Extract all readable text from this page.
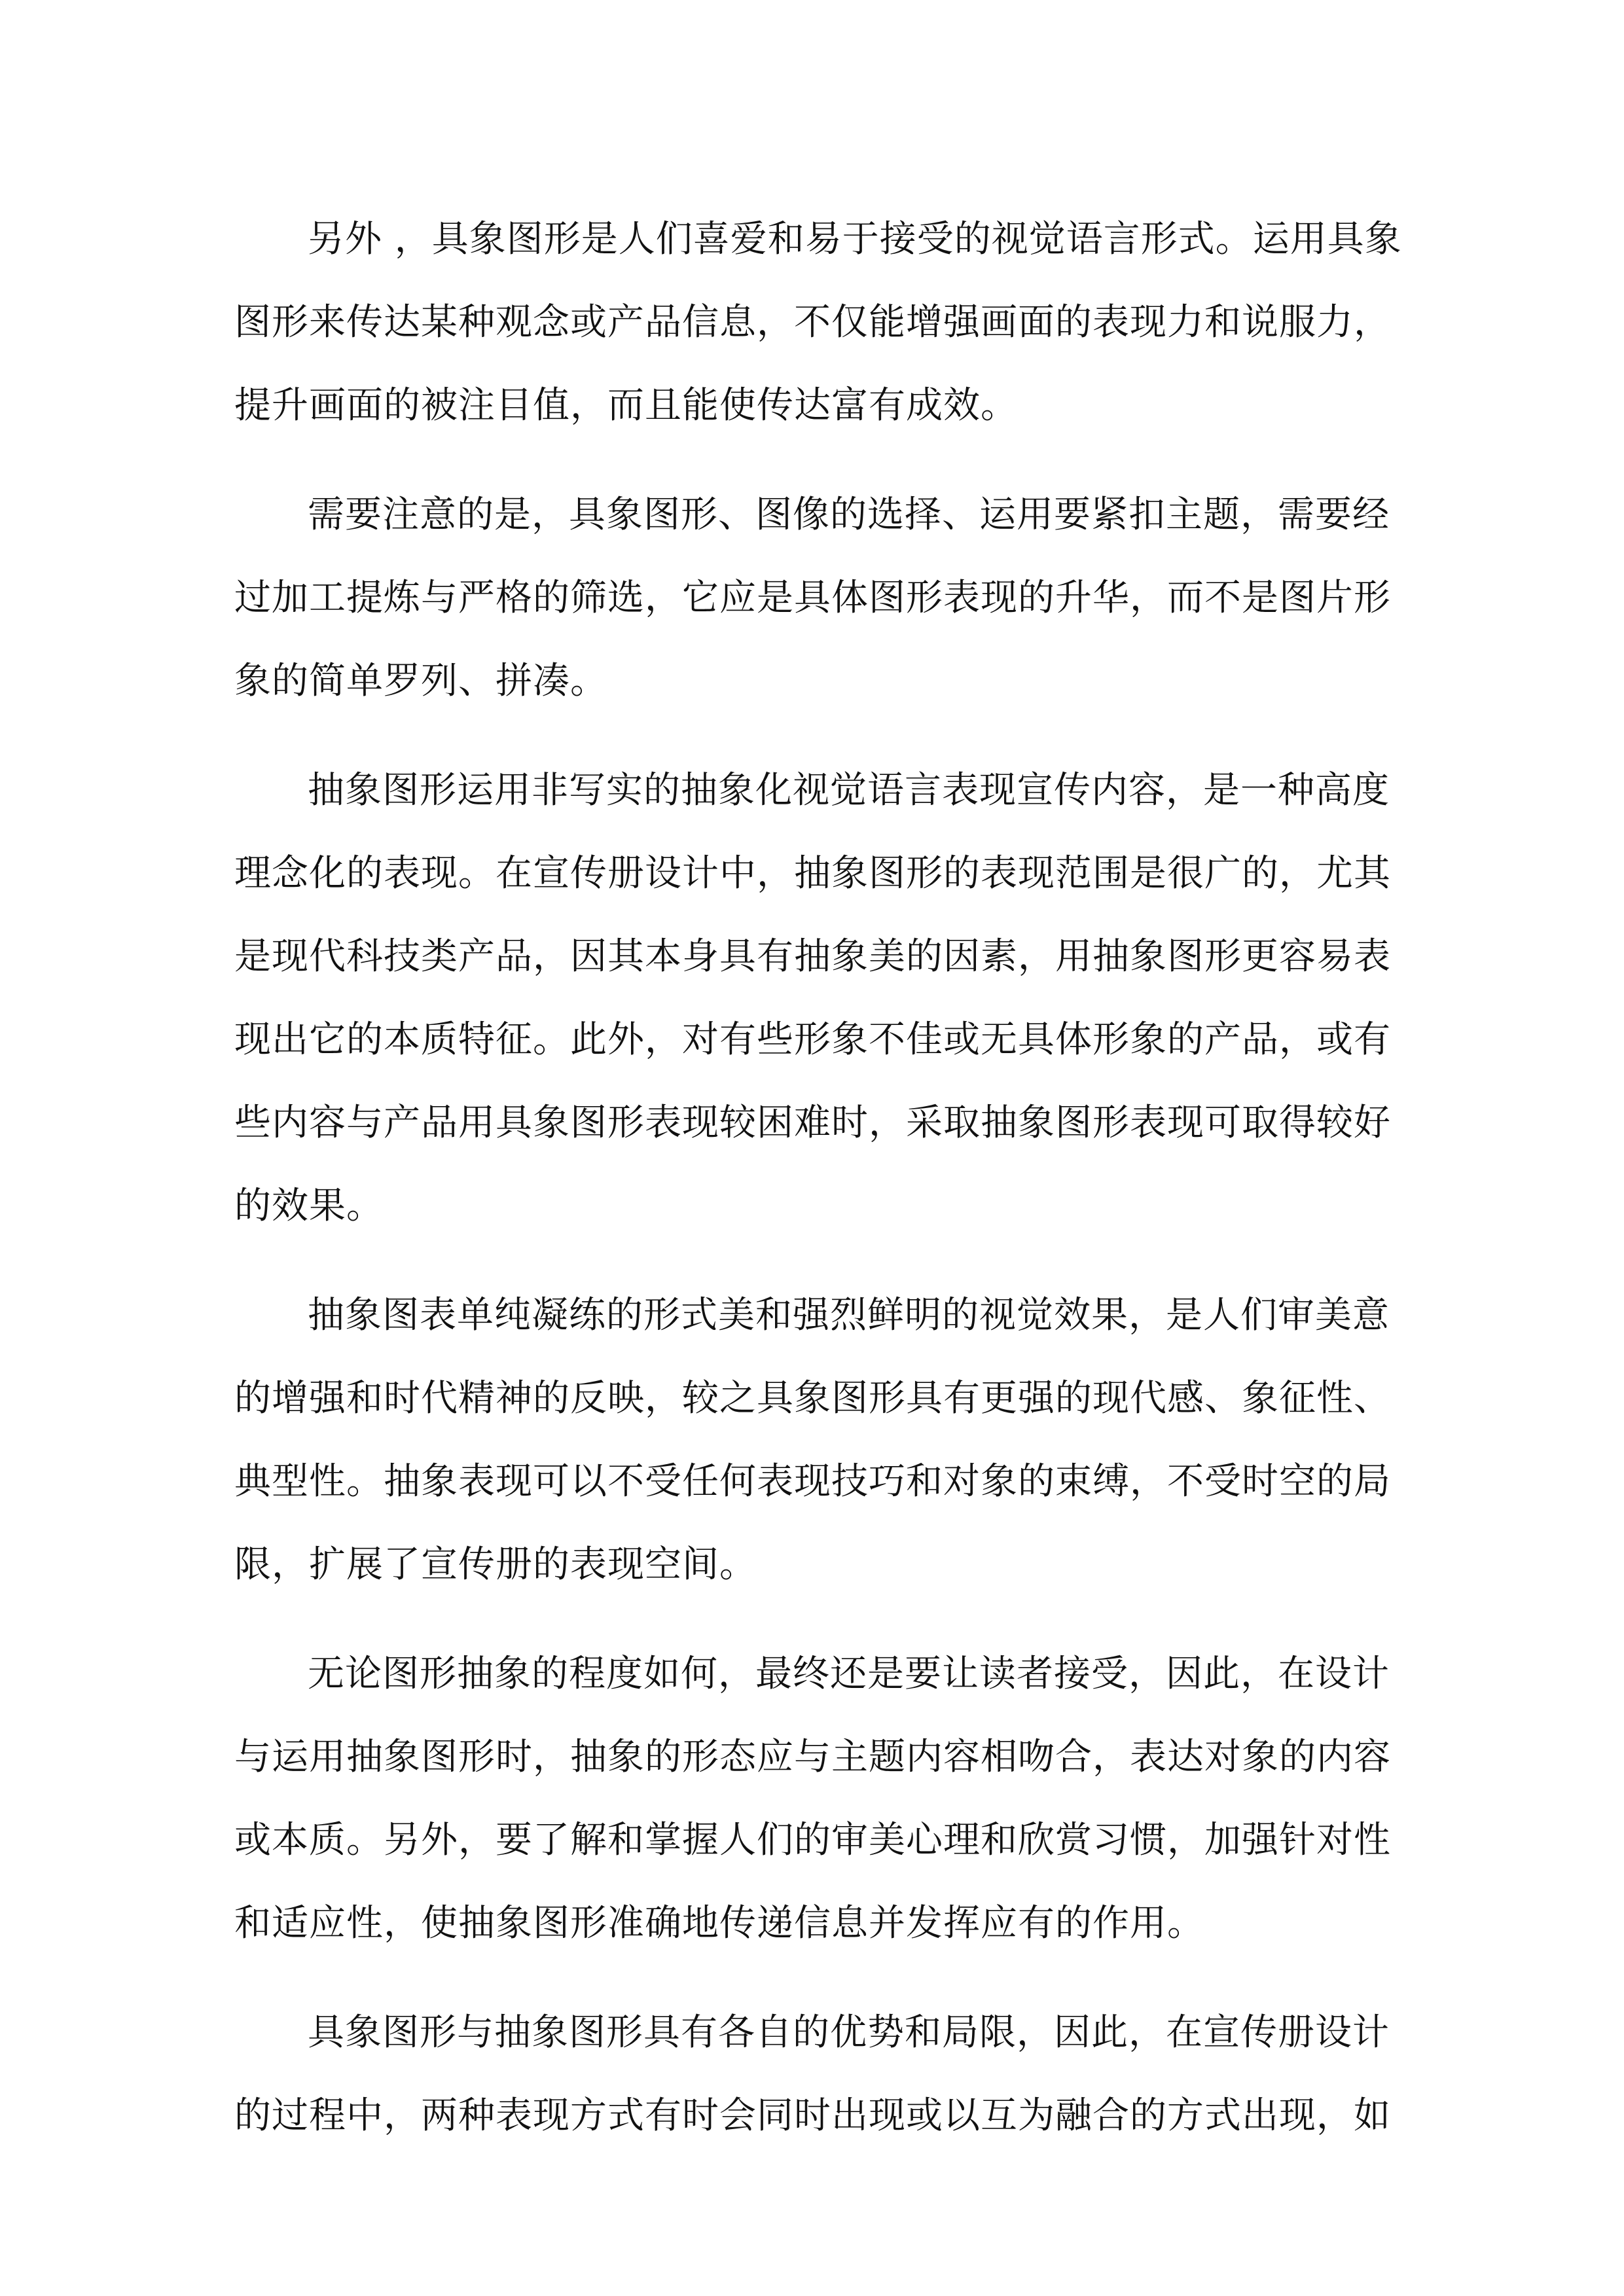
另外 ，具象图形是人们喜爱和易于接受的视觉语言形式。运用具象
图形来传达某种观念或产品信息，不仅能增强画面的表现力和说服力，
提升画面的被注目值，而且能使传达富有成效。

需要注意的是，具象图形、图像的选择、运用要紧扣主题，需要经
过加工提炼与严格的筛选，它应是具体图形表现的升华，而不是图片形
象的简单罗列、拼凑。

抽象图形运用非写实的抽象化视觉语言表现宣传内容，是一种高度
理念化的表现。在宣传册设计中，抽象图形的表现范围是很广的，尤其
是现代科技类产品，因其本身具有抽象美的因素，用抽象图形更容易表
现出它的本质特征。此外，对有些形象不佳或无具体形象的产品，或有
些内容与产品用具象图形表现较困难时，采取抽象图形表现可取得较好
的效果。

抽象图表单纯凝练的形式美和强烈鲜明的视觉效果，是人们审美意
的增强和时代精神的反映，较之具象图形具有更强的现代感、象征性、
典型性。抽象表现可以不受任何表现技巧和对象的束缚，不受时空的局
限，扩展了宣传册的表现空间。

无论图形抽象的程度如何，最终还是要让读者接受，因此，在设计
与运用抽象图形时，抽象的形态应与主题内容相吻合，表达对象的内容
或本质。另外，要了解和掌握人们的审美心理和欣赏习惯，加强针对性
和适应性，使抽象图形准确地传递信息并发挥应有的作用。

具象图形与抽象图形具有各自的优势和局限，因此，在宣传册设计
的过程中，两种表现方式有时会同时出现或以互为融合的方式出现，如
